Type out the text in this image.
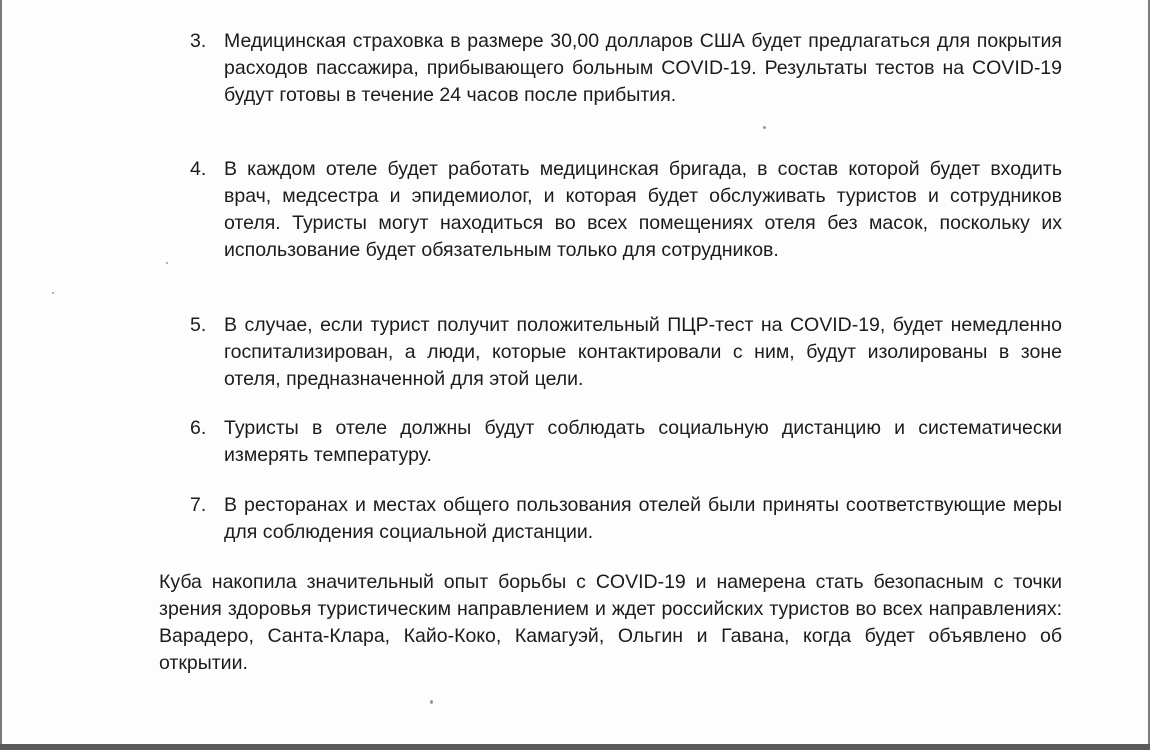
3. Медицинская страховка в размере 30,00 долларов США будет предлагаться для покрытия расходов пассажира, прибывающего больным COVID-19. Результаты тестов на COVID-19 будут готовы в течение 24 часов после прибытия.
4. В каждом отеле будет работать медицинская бригада, в состав которой будет входить врач, медсестра и эпидемиолог, и которая будет обслуживать туристов и сотрудников отеля. Туристы могут находиться во всех помещениях отеля без масок, поскольку их использование будет обязательным только для сотрудников.
5. В случае, если турист получит положительный ПЦР-тест на COVID-19, будет немедленно госпитализирован, а люди, которые контактировали с ним, будут изолированы в зоне отеля, предназначенной для этой цели.
6. Туристы в отеле должны будут соблюдать социальную дистанцию и систематически измерять температуру.
7. В ресторанах и местах общего пользования отелей были приняты соответствующие меры для соблюдения социальной дистанции.

Куба накопила значительный опыт борьбы с COVID-19 и намерена стать безопасным с точки зрения здоровья туристическим направлением и ждет российских туристов во всех направлениях: Варадеро, Санта-Клара, Кайо-Коко, Камагуэй, Ольгин и Гавана, когда будет объявлено об открытии.
